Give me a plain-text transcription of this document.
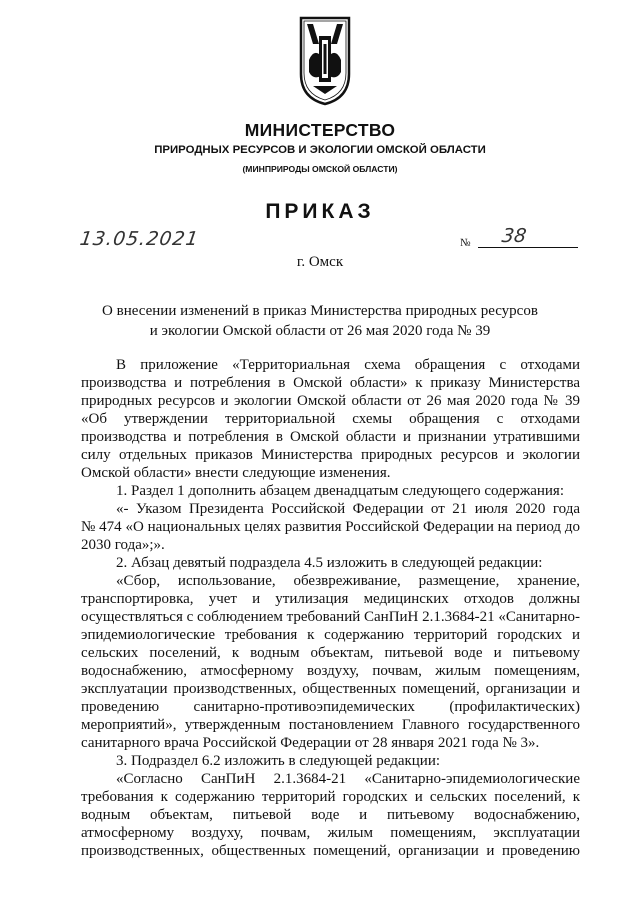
МИНИСТЕРСТВО
ПРИРОДНЫХ РЕСУРСОВ И ЭКОЛОГИИ ОМСКОЙ ОБЛАСТИ
(МИНПРИРОДЫ ОМСКОЙ ОБЛАСТИ)
ПРИКАЗ
13.05.2021	№ 38
г. Омск
О внесении изменений в приказ Министерства природных ресурсов и экологии Омской области от 26 мая 2020 года № 39
В приложение «Территориальная схема обращения с отходами
производства и потребления в Омской области» к приказу Министерства
природных ресурсов и экологии Омской области от 26 мая 2020 года № 39
«Об утверждении территориальной схемы обращения с отходами
производства и потребления в Омской области и признании утратившими
силу отдельных приказов Министерства природных ресурсов и экологии
Омской области» внести следующие изменения.
1. Раздел 1 дополнить абзацем двенадцатым следующего содержания:
«- Указом Президента Российской Федерации от 21 июля 2020 года
№ 474 «О национальных целях развития Российской Федерации на период до
2030 года»;».
2. Абзац девятый подраздела 4.5 изложить в следующей редакции:
«Сбор, использование, обезвреживание, размещение, хранение,
транспортировка, учет и утилизация медицинских отходов должны
осуществляться с соблюдением требований СанПиН 2.1.3684-21 «Санитарно-
эпидемиологические требования к содержанию территорий городских и
сельских поселений, к водным объектам, питьевой воде и питьевому
водоснабжению, атмосферному воздуху, почвам, жилым помещениям,
эксплуатации производственных, общественных помещений, организации и
проведению санитарно-противоэпидемических (профилактических)
мероприятий», утвержденным постановлением Главного государственного
санитарного врача Российской Федерации от 28 января 2021 года № 3».
3. Подраздел 6.2 изложить в следующей редакции:
«Согласно СанПиН 2.1.3684-21 «Санитарно-эпидемиологические
требования к содержанию территорий городских и сельских поселений, к
водным объектам, питьевой воде и питьевому водоснабжению,
атмосферному воздуху, почвам, жилым помещениям, эксплуатации
производственных, общественных помещений, организации и проведению
